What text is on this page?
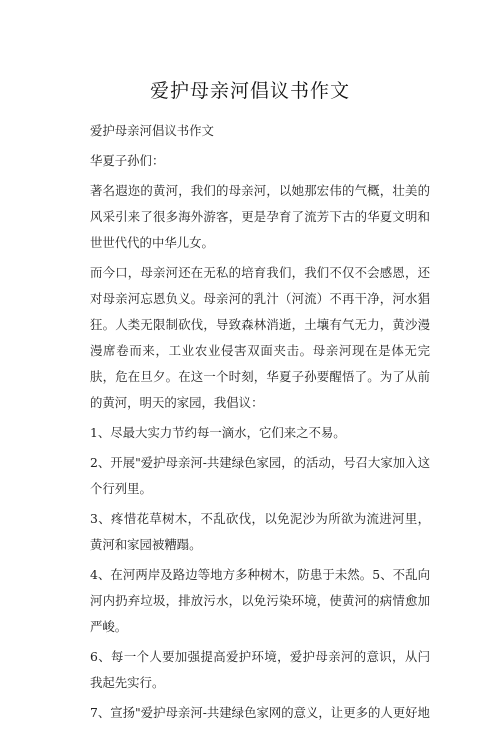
爱护母亲河倡议书作文

爱护母亲河倡议书作文

华夏子孙们：

著名遐迩的黄河，我们的母亲河，以她那宏伟的气概，壮美的风采引来了很多海外游客，更是孕育了流芳下古的华夏文明和世世代代的中华儿女。

而今口，母亲河还在无私的培育我们，我们不仅不会感恩，还对母亲河忘恩负义。母亲河的乳汁（河流）不再干净，河水猖狂。人类无限制砍伐，导致森林消逝，土壤有气无力，黄沙漫漫席卷而来，工业农业侵害双面夹击。母亲河现在是体无完肤，危在旦夕。在这一个时刻，华夏子孙要醒悟了。为了从前的黄河，明天的家园，我倡议：

1、尽最大实力节约每一滴水，它们来之不易。

2、开展"爱护母亲河-共建绿色家园，的活动，号召大家加入这个行列里。

3、疼惜花草树木，不乱砍伐，以免泥沙为所欲为流进河里，黄河和家园被糟蹋。

4、在河两岸及路边等地方多种树木，防患于未然。5、不乱向河内扔弃垃圾，排放污水，以免污染环境，使黄河的病情愈加严峻。

6、每一个人要加强提高爱护环境，爱护母亲河的意识，从闩我起先实行。

7、宣扬"爱护母亲河-共建绿色家网的意义，让更多的人更好地
